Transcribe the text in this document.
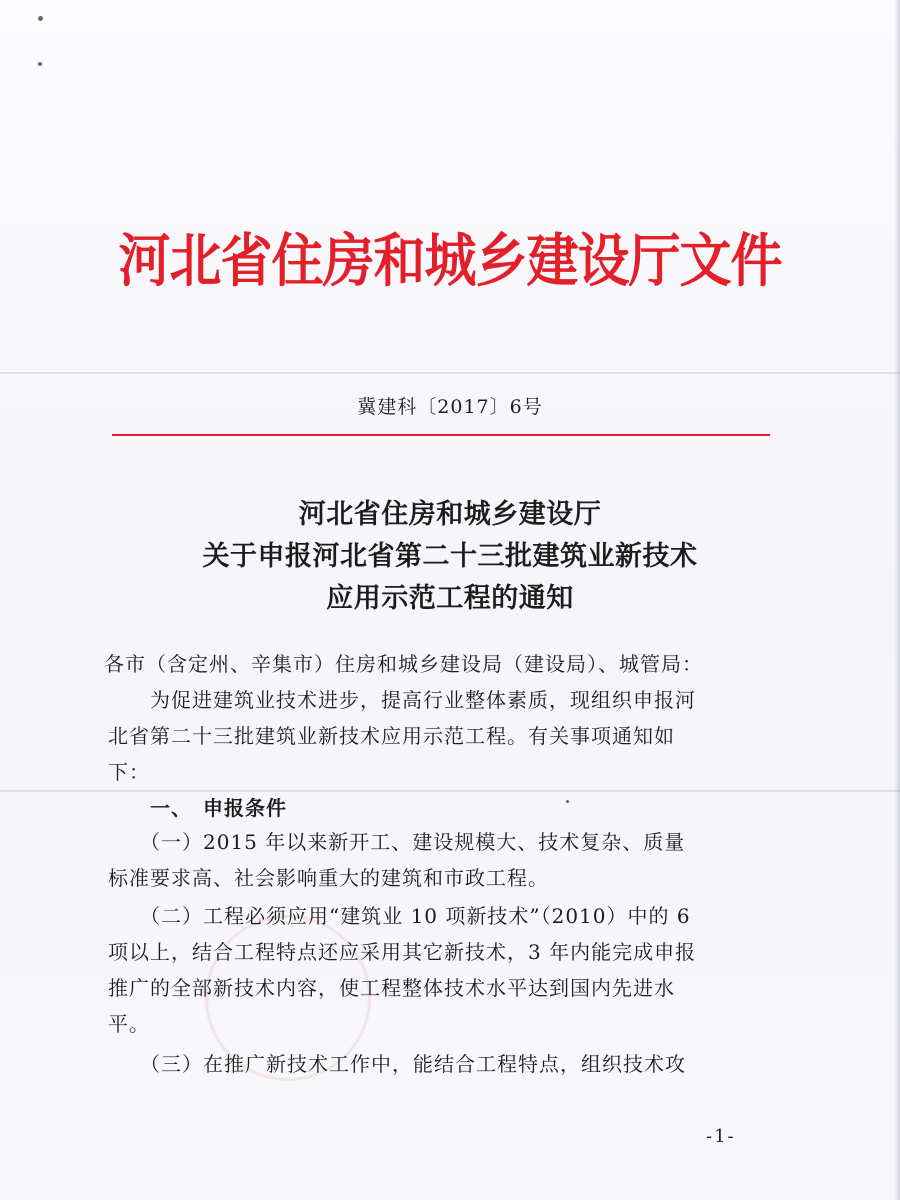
河北省住房和城乡建设厅文件
冀建科〔2017〕6号
河北省住房和城乡建设厅
关于申报河北省第二十三批建筑业新技术
应用示范工程的通知
各市（含定州、辛集市）住房和城乡建设局（建设局）、城管局：
　　为促进建筑业技术进步，提高行业整体素质，现组织申报河
北省第二十三批建筑业新技术应用示范工程。有关事项通知如
下：
　　一、　申报条件
　　（一）2015 年以来新开工、建设规模大、技术复杂、质量
标准要求高、社会影响重大的建筑和市政工程。
　　（二）工程必须应用“建筑业 10 项新技术”（2010）中的 6
项以上，结合工程特点还应采用其它新技术，3 年内能完成申报
推广的全部新技术内容，使工程整体技术水平达到国内先进水
平。
　　（三）在推广新技术工作中，能结合工程特点，组织技术攻
-1-
